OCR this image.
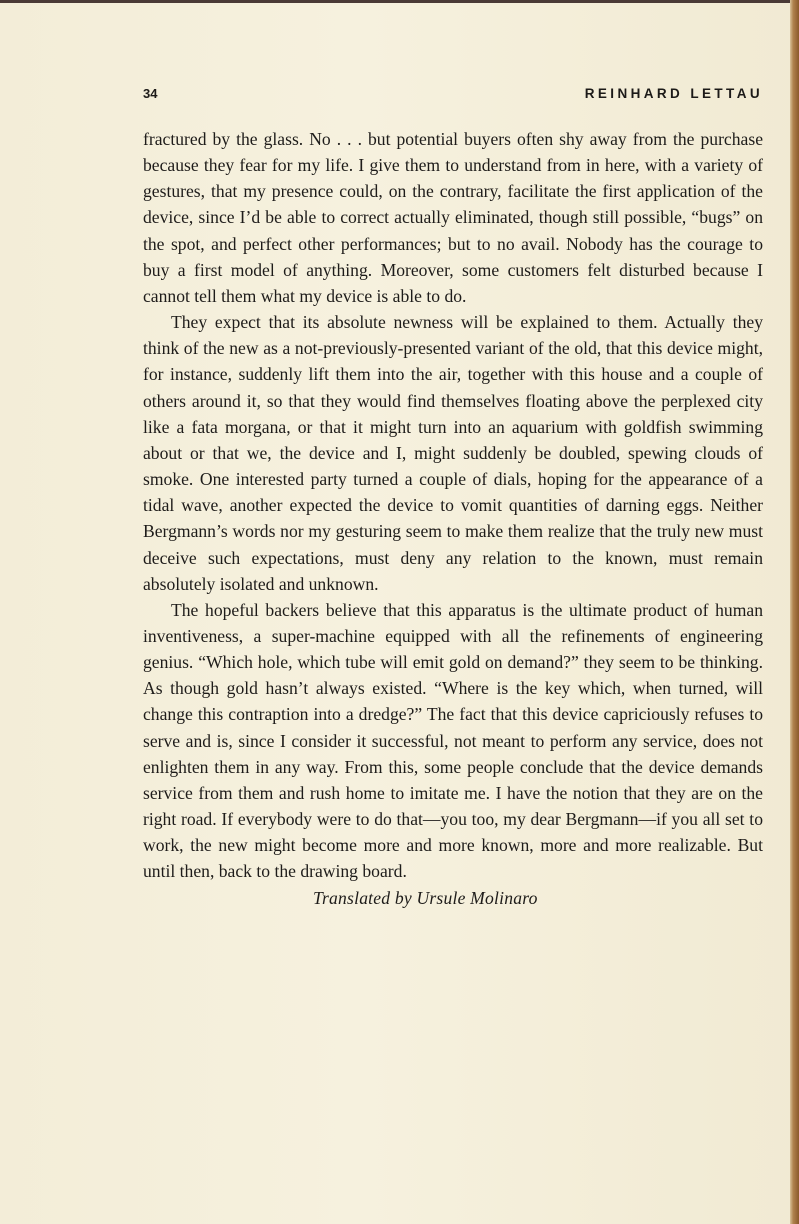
34	REINHARD LETTAU

fractured by the glass. No . . . but potential buyers often shy away from the purchase because they fear for my life. I give them to understand from in here, with a variety of gestures, that my presence could, on the contrary, facilitate the first application of the device, since I’d be able to correct actually eliminated, though still possible, “bugs” on the spot, and perfect other performances; but to no avail. Nobody has the courage to buy a first model of anything. Moreover, some customers felt disturbed because I cannot tell them what my device is able to do.

They expect that its absolute newness will be explained to them. Actually they think of the new as a not-previously-presented variant of the old, that this device might, for instance, suddenly lift them into the air, together with this house and a couple of others around it, so that they would find themselves floating above the perplexed city like a fata morgana, or that it might turn into an aquarium with goldfish swimming about or that we, the device and I, might suddenly be doubled, spewing clouds of smoke. One interested party turned a couple of dials, hoping for the appearance of a tidal wave, another expected the device to vomit quantities of darning eggs. Neither Bergmann’s words nor my gesturing seem to make them realize that the truly new must deceive such expectations, must deny any relation to the known, must remain absolutely isolated and unknown.

The hopeful backers believe that this apparatus is the ultimate product of human inventiveness, a super-machine equipped with all the refinements of engineering genius. “Which hole, which tube will emit gold on demand?” they seem to be thinking. As though gold hasn’t always existed. “Where is the key which, when turned, will change this contraption into a dredge?” The fact that this device capriciously refuses to serve and is, since I consider it successful, not meant to perform any service, does not enlighten them in any way. From this, some people conclude that the device demands service from them and rush home to imitate me. I have the notion that they are on the right road. If everybody were to do that—you too, my dear Bergmann—if you all set to work, the new might become more and more known, more and more realizable. But until then, back to the drawing board.

Translated by Ursule Molinaro
